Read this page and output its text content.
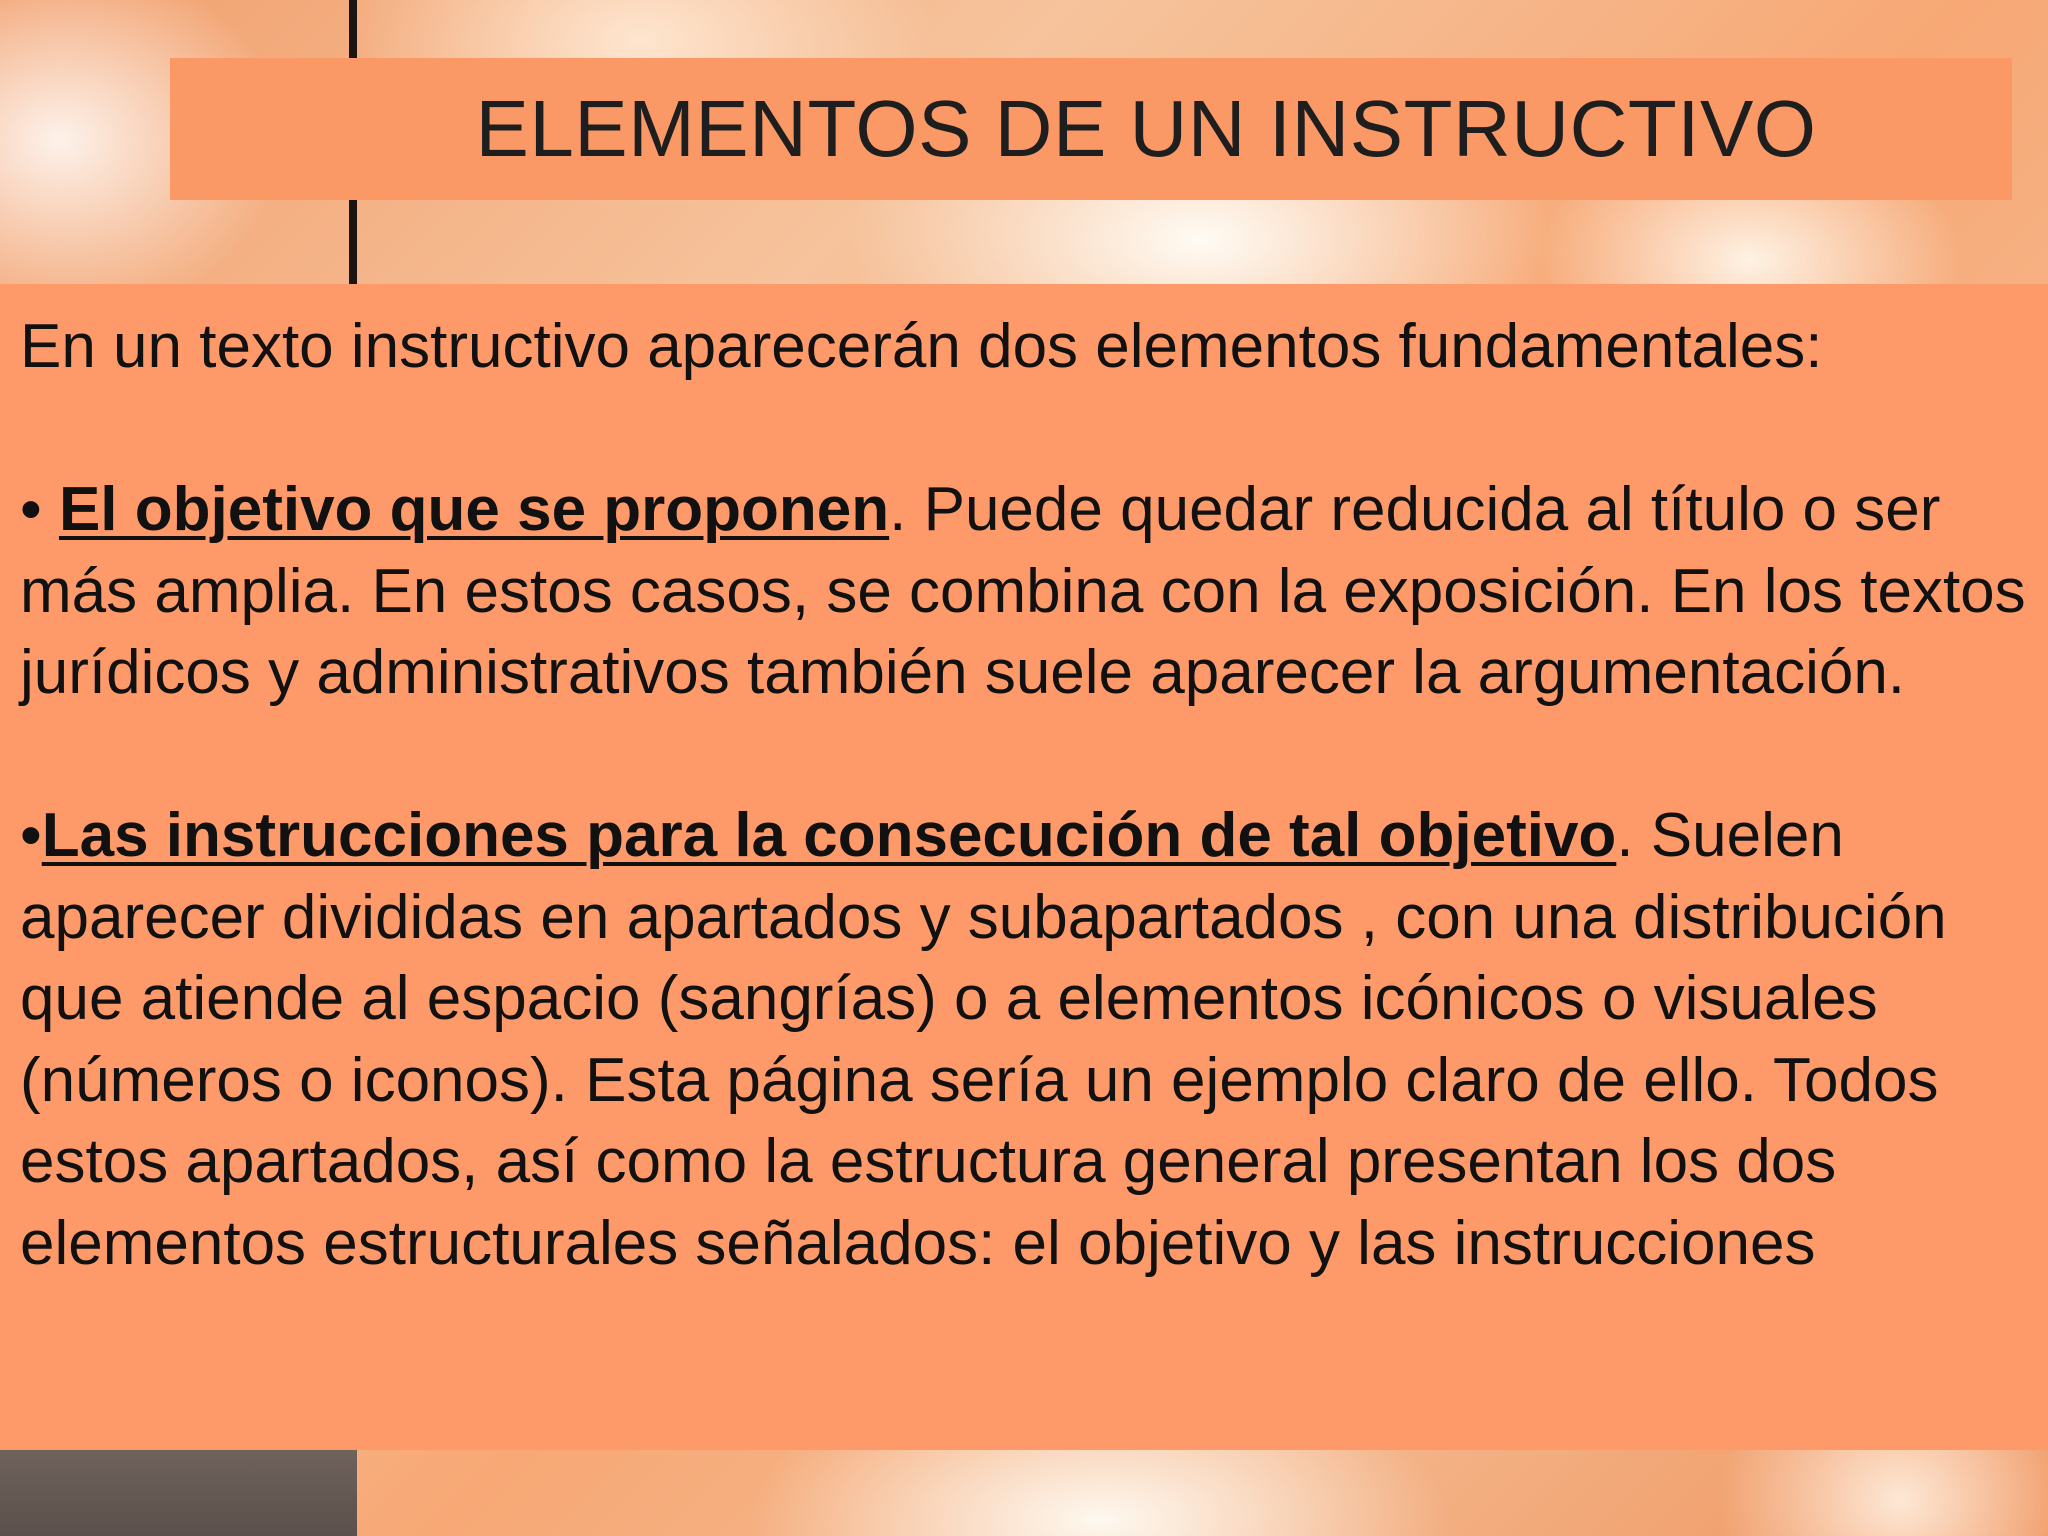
ELEMENTOS DE UN INSTRUCTIVO

En un texto instructivo aparecerán dos elementos fundamentales:

• El objetivo que se proponen. Puede quedar reducida al título o ser más amplia. En estos casos, se combina con la exposición. En los textos jurídicos y administrativos también suele aparecer la argumentación.

•Las instrucciones para la consecución de tal objetivo. Suelen aparecer divididas en apartados y subapartados , con una distribución que atiende al espacio (sangrías) o a elementos icónicos o visuales (números o iconos). Esta página sería un ejemplo claro de ello. Todos estos apartados, así como la estructura general presentan los dos elementos estructurales señalados: el objetivo y las instrucciones
